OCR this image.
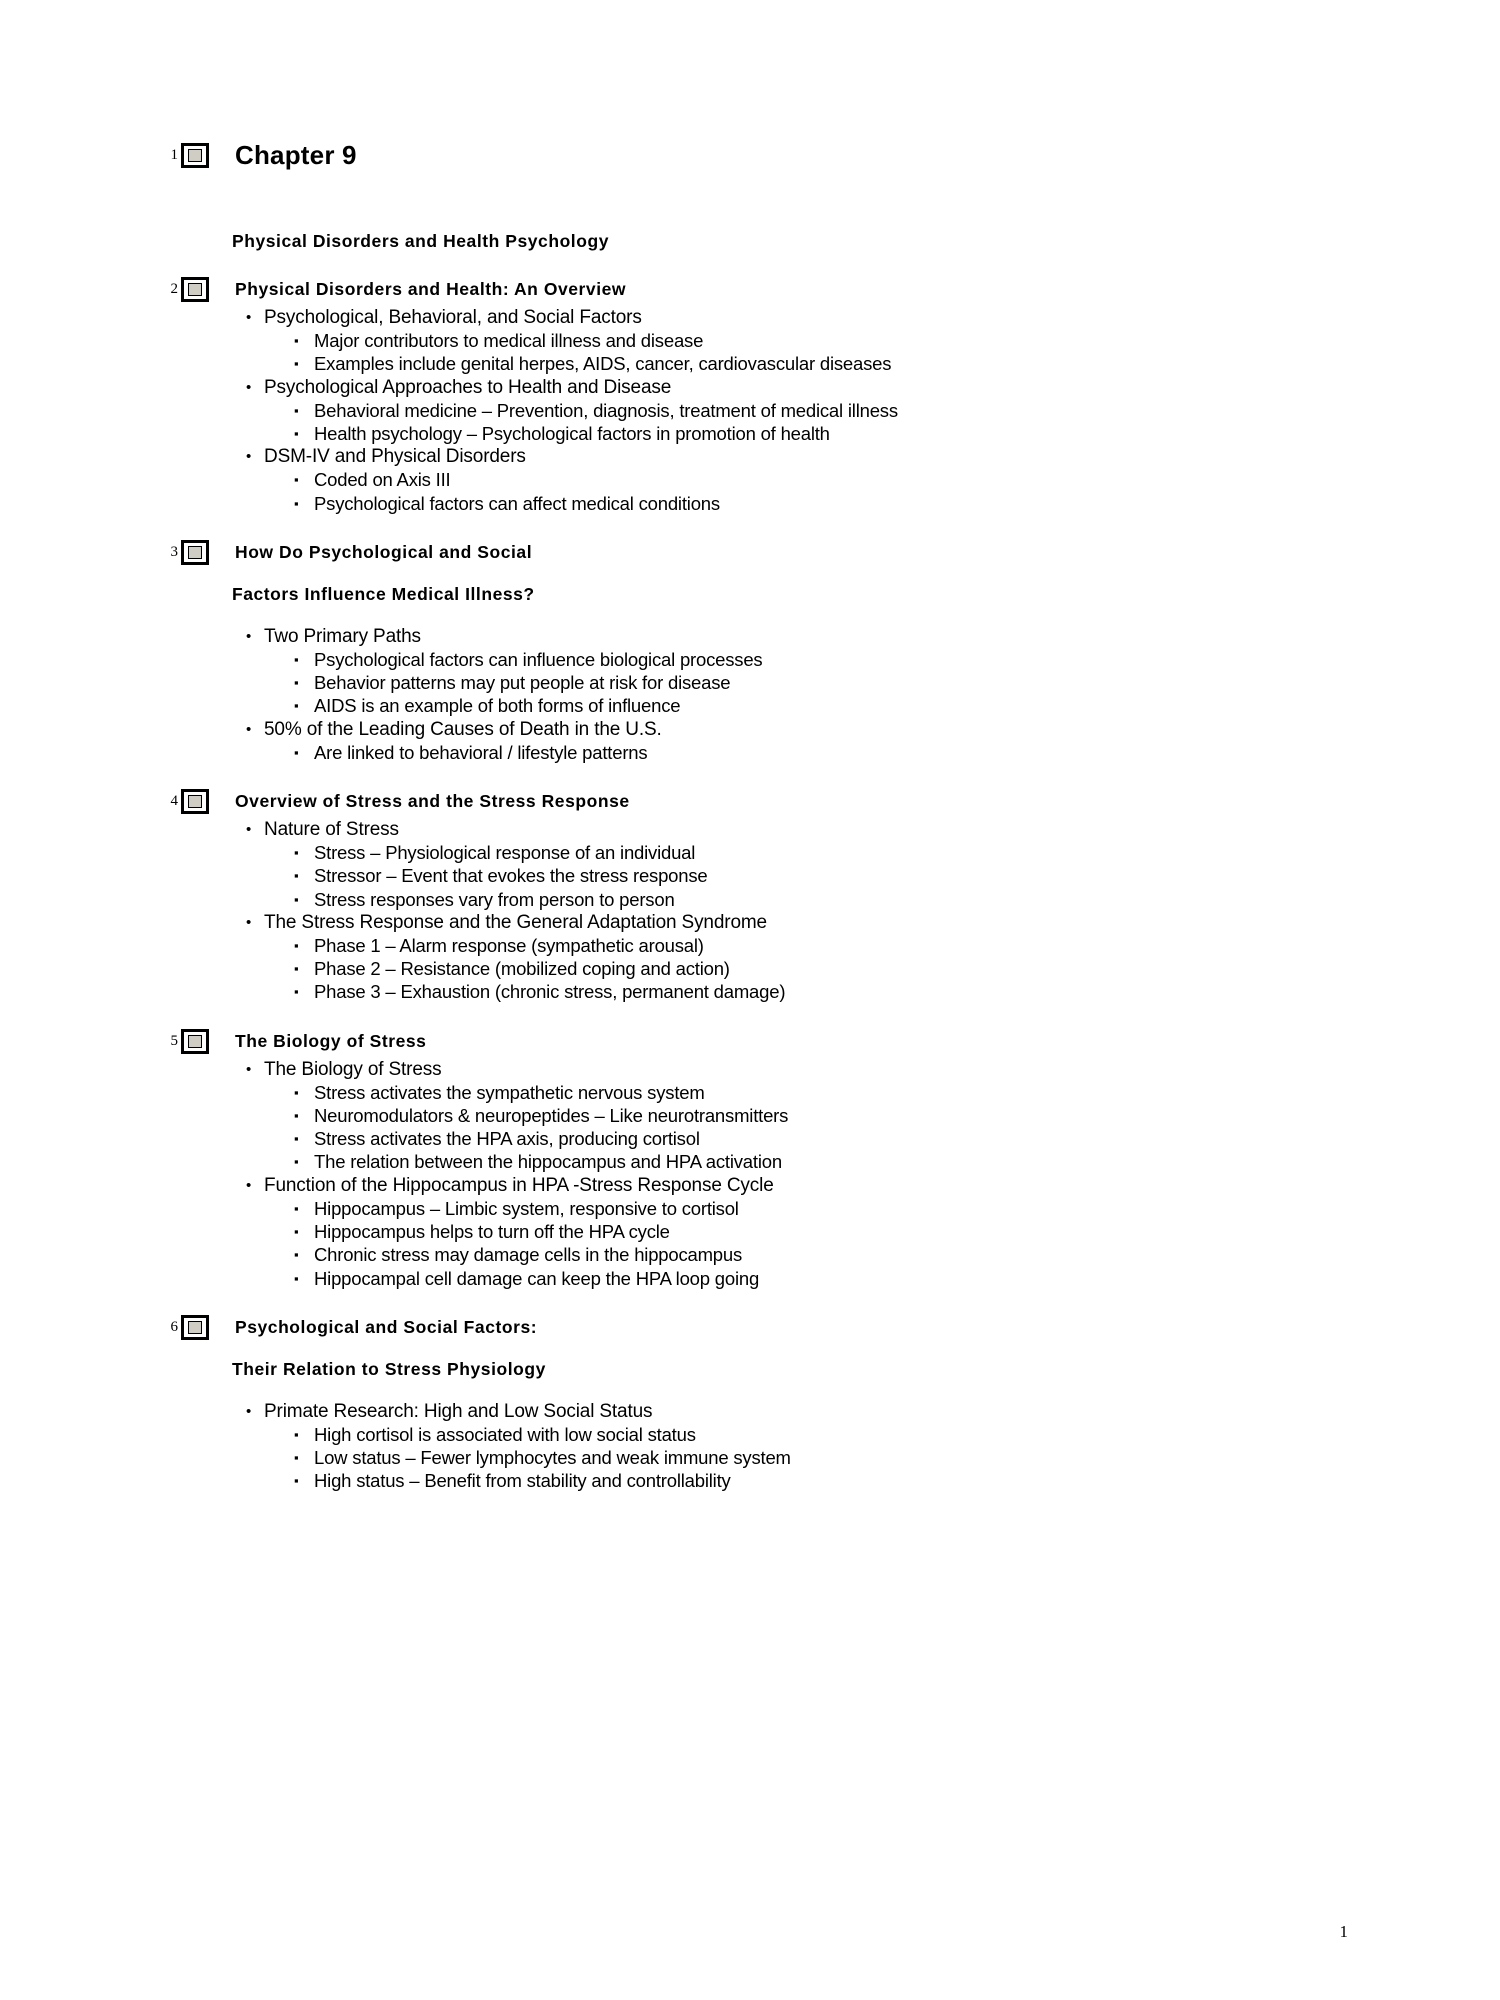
1 Chapter 9
Physical Disorders and Health Psychology
2	Physical Disorders and Health: An Overview
• Psychological, Behavioral, and Social Factors
▪ Major contributors to medical illness and disease
▪ Examples include genital herpes, AIDS, cancer, cardiovascular diseases
• Psychological Approaches to Health and Disease
▪ Behavioral medicine – Prevention, diagnosis, treatment of medical illness
▪ Health psychology – Psychological factors in promotion of health
• DSM-IV and Physical Disorders
▪ Coded on Axis III
▪ Psychological factors can affect medical conditions
3	How Do Psychological and Social
Factors Influence Medical Illness?
• Two Primary Paths
▪ Psychological factors can influence biological processes
▪ Behavior patterns may put people at risk for disease
▪ AIDS is an example of both forms of influence
• 50% of the Leading Causes of Death in the U.S.
▪ Are linked to behavioral / lifestyle patterns
4	Overview of Stress and the Stress Response
• Nature of Stress
▪ Stress – Physiological response of an individual
▪ Stressor – Event that evokes the stress response
▪ Stress responses vary from person to person
• The Stress Response and the General Adaptation Syndrome
▪ Phase 1 – Alarm response (sympathetic arousal)
▪ Phase 2 – Resistance (mobilized coping and action)
▪ Phase 3 – Exhaustion (chronic stress, permanent damage)
5	The Biology of Stress
• The Biology of Stress
▪ Stress activates the sympathetic nervous system
▪ Neuromodulators & neuropeptides – Like neurotransmitters
▪ Stress activates the HPA axis, producing cortisol
▪ The relation between the hippocampus and HPA activation
• Function of the Hippocampus in HPA -Stress Response Cycle
▪ Hippocampus – Limbic system, responsive to cortisol
▪ Hippocampus helps to turn off the HPA cycle
▪ Chronic stress may damage cells in the hippocampus
▪ Hippocampal cell damage can keep the HPA loop going
6	Psychological and Social Factors:
Their Relation to Stress Physiology
• Primate Research: High and Low Social Status
▪ High cortisol is associated with low social status
▪ Low status – Fewer lymphocytes and weak immune system
▪ High status – Benefit from stability and controllability
1
